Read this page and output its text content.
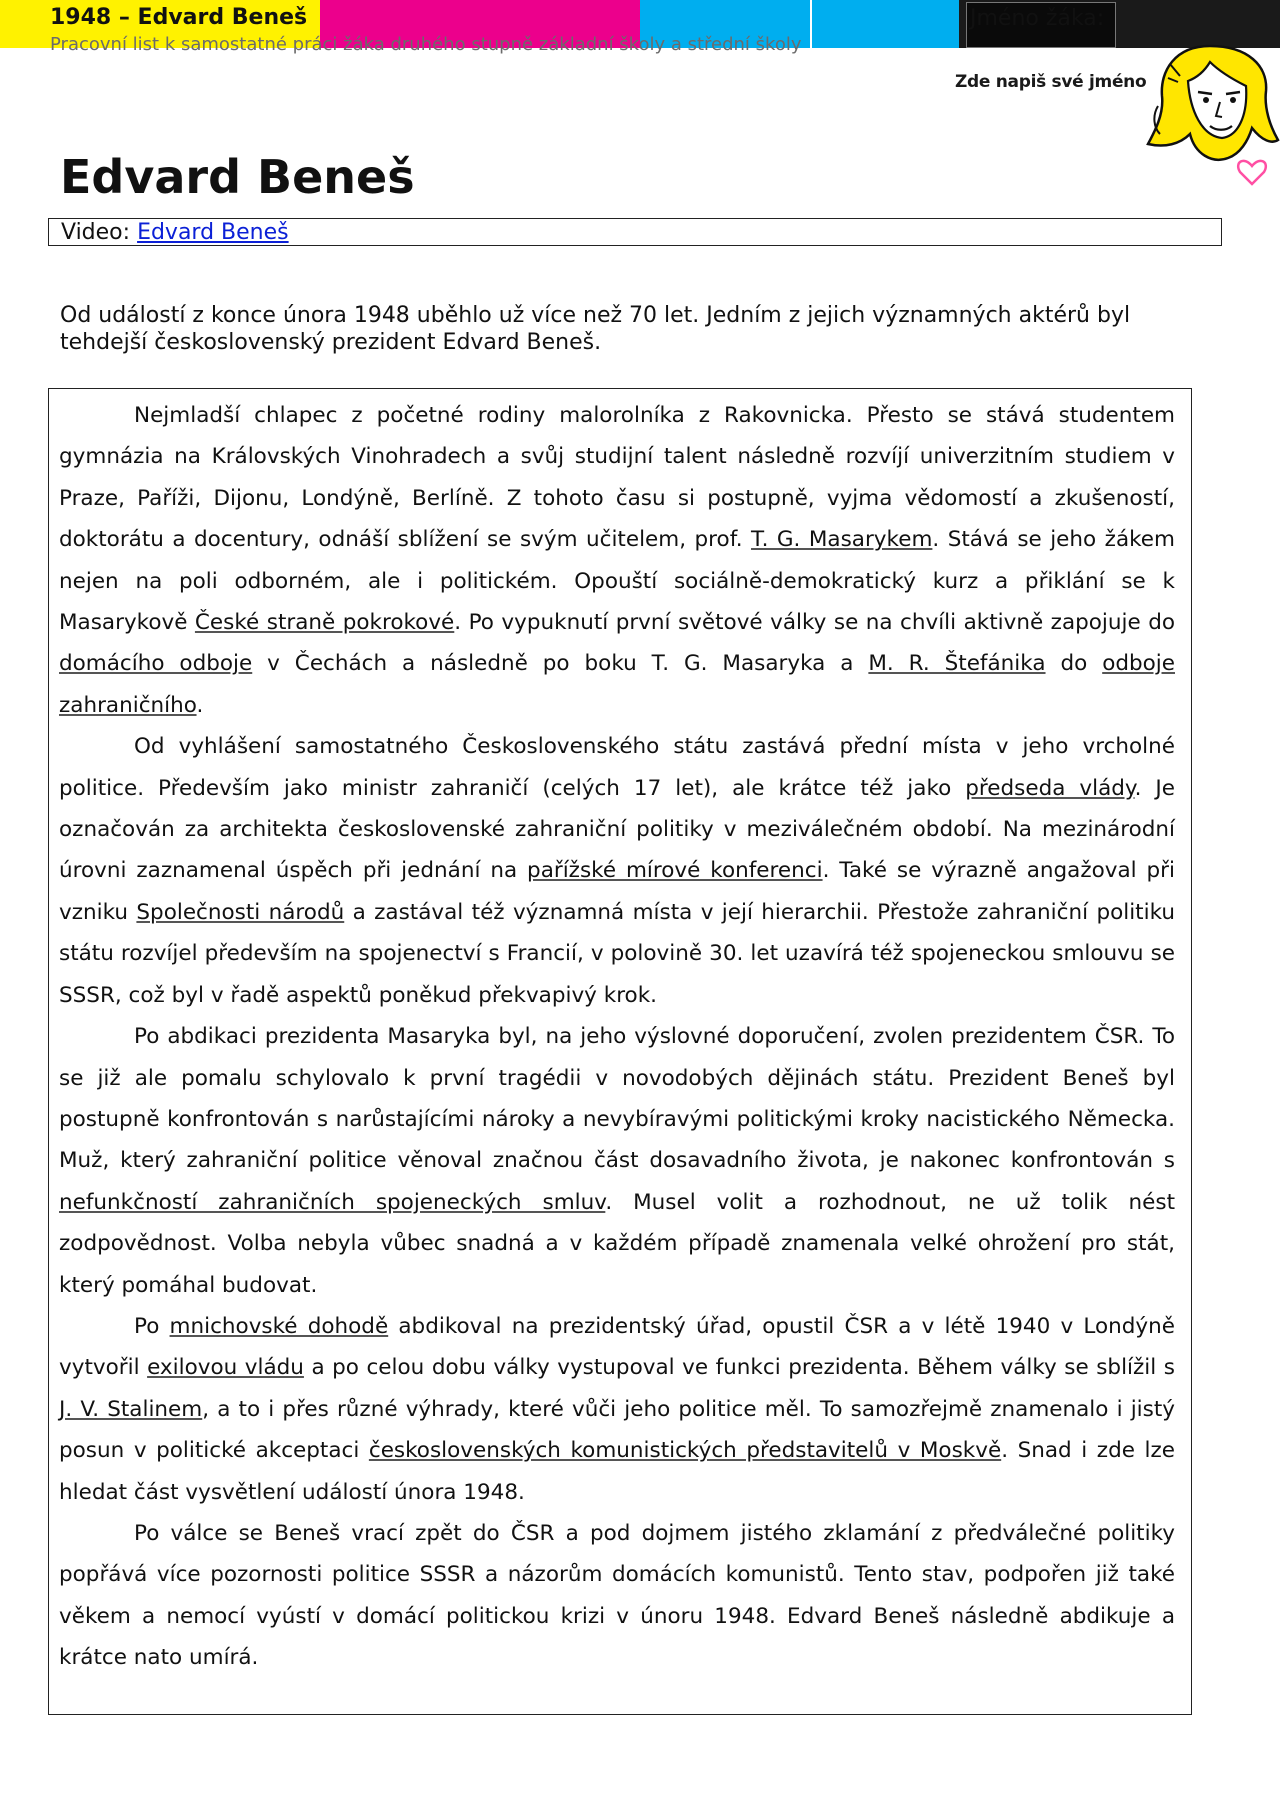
1948 – Edvard Beneš
Pracovní list k samostatné práci žáka druhého stupně základní školy a střední školy
Jméno žáka:
Zde napiš své jméno
Edvard Beneš
Video: Edvard Beneš

Od událostí z konce února 1948 uběhlo už více než 70 let. Jedním z jejich významných aktérů byl tehdejší československý prezident Edvard Beneš.

Nejmladší chlapec z početné rodiny malorolníka z Rakovnicka. Přesto se stává studentem gymnázia na Královských Vinohradech a svůj studijní talent následně rozvíjí univerzitním studiem v Praze, Paříži, Dijonu, Londýně, Berlíně. Z tohoto času si postupně, vyjma vědomostí a zkušeností, doktorátu a docentury, odnáší sblížení se svým učitelem, prof. T. G. Masarykem. Stává se jeho žákem nejen na poli odborném, ale i politickém. Opouští sociálně-demokratický kurz a přiklání se k Masarykově České straně pokrokové. Po vypuknutí první světové války se na chvíli aktivně zapojuje do domácího odboje v Čechách a následně po boku T. G. Masaryka a M. R. Štefánika do odboje zahraničního.

Od vyhlášení samostatného Československého státu zastává přední místa v jeho vrcholné politice. Především jako ministr zahraničí (celých 17 let), ale krátce též jako předseda vlády. Je označován za architekta československé zahraniční politiky v meziválečném období. Na mezinárodní úrovni zaznamenal úspěch při jednání na pařížské mírové konferenci. Také se výrazně angažoval při vzniku Společnosti národů a zastával též významná místa v její hierarchii. Přestože zahraniční politiku státu rozvíjel především na spojenectví s Francií, v polovině 30. let uzavírá též spojeneckou smlouvu se SSSR, což byl v řadě aspektů poněkud překvapivý krok.

Po abdikaci prezidenta Masaryka byl, na jeho výslovné doporučení, zvolen prezidentem ČSR. To se již ale pomalu schylovalo k první tragédii v novodobých dějinách státu. Prezident Beneš byl postupně konfrontován s narůstajícími nároky a nevybíravými politickými kroky nacistického Německa. Muž, který zahraniční politice věnoval značnou část dosavadního života, je nakonec konfrontován s nefunkčností zahraničních spojeneckých smluv. Musel volit a rozhodnout, ne už tolik nést zodpovědnost. Volba nebyla vůbec snadná a v každém případě znamenala velké ohrožení pro stát, který pomáhal budovat.

Po mnichovské dohodě abdikoval na prezidentský úřad, opustil ČSR a v létě 1940 v Londýně vytvořil exilovou vládu a po celou dobu války vystupoval ve funkci prezidenta. Během války se sblížil s J. V. Stalinem, a to i přes různé výhrady, které vůči jeho politice měl. To samozřejmě znamenalo i jistý posun v politické akceptaci československých komunistických představitelů v Moskvě. Snad i zde lze hledat část vysvětlení událostí února 1948.

Po válce se Beneš vrací zpět do ČSR a pod dojmem jistého zklamání z předválečné politiky popřává více pozornosti politice SSSR a názorům domácích komunistů. Tento stav, podpořen již také věkem a nemocí vyústí v domácí politickou krizi v únoru 1948. Edvard Beneš následně abdikuje a krátce nato umírá.
